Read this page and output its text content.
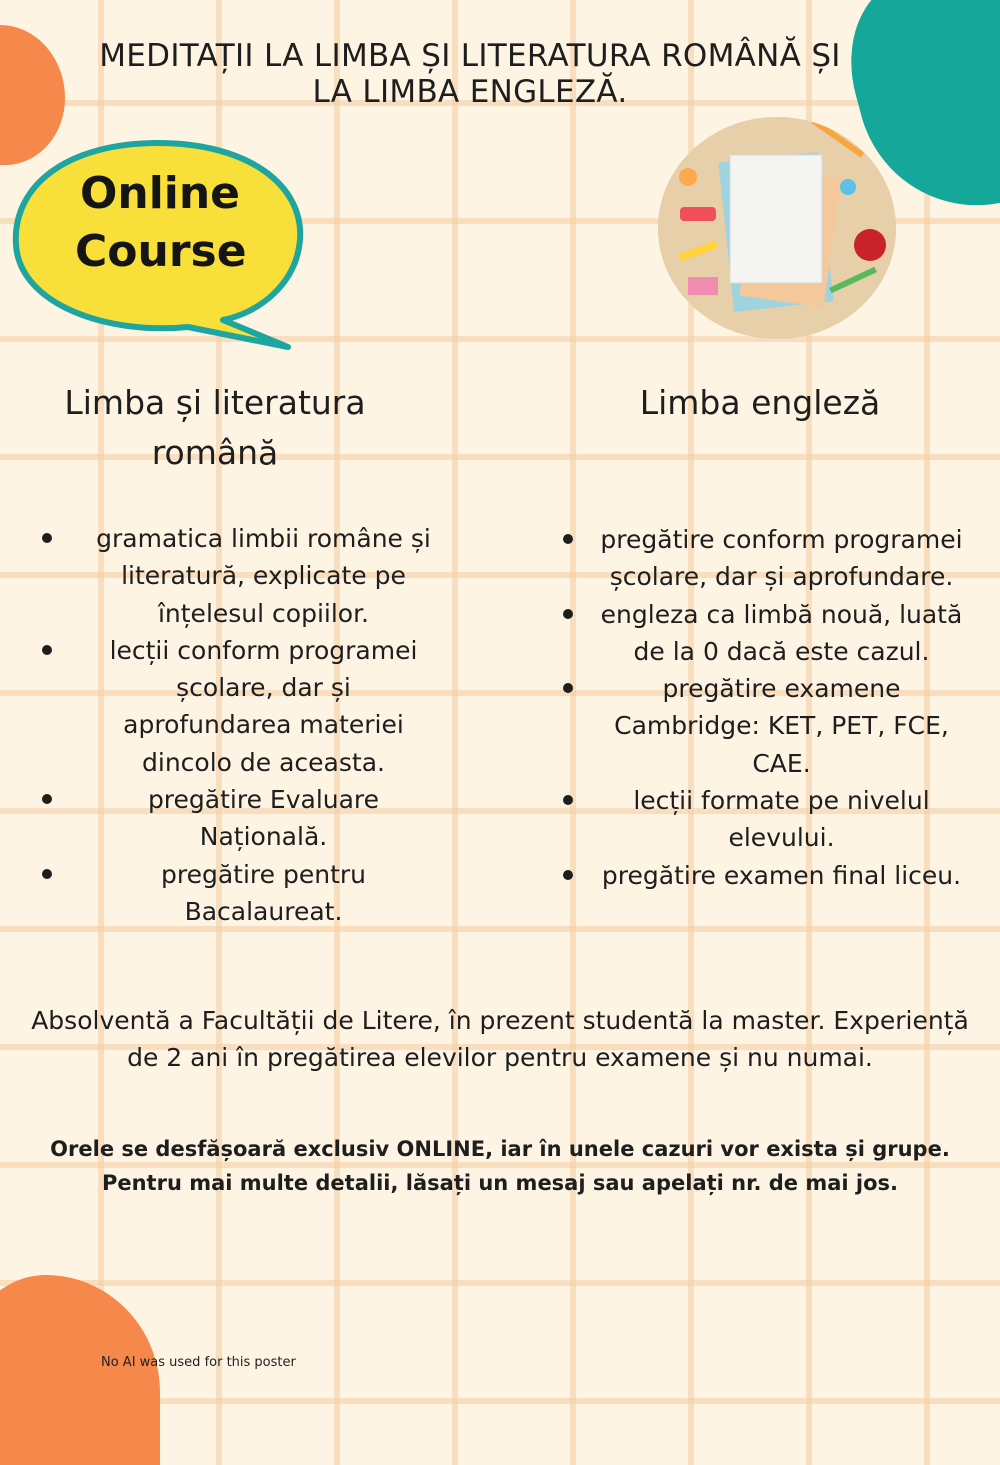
MEDITAȚII LA LIMBA ȘI LITERATURA ROMÂNĂ ȘI
LA LIMBA ENGLEZĂ.
Online
Course
Limba și literatura
română
Limba engleză
gramatica limbii române și
literatură, explicate pe
înțelesul copiilor.
lecții conform programei
școlare, dar și
aprofundarea materiei
dincolo de aceasta.
pregătire Evaluare
Națională.
pregătire pentru
Bacalaureat.
pregătire conform programei
școlare, dar și aprofundare.
engleza ca limbă nouă, luată
de la 0 dacă este cazul.
pregătire examene
Cambridge: KET, PET, FCE,
CAE.
lecții formate pe nivelul
elevului.
pregătire examen final liceu.
Absolventă a Facultății de Litere, în prezent studentă la master. Experiență
de 2 ani în pregătirea elevilor pentru examene și nu numai.
Orele se desfășoară exclusiv ONLINE, iar în unele cazuri vor exista și grupe.
Pentru mai multe detalii, lăsați un mesaj sau apelați nr. de mai jos.
No AI was used for this poster
